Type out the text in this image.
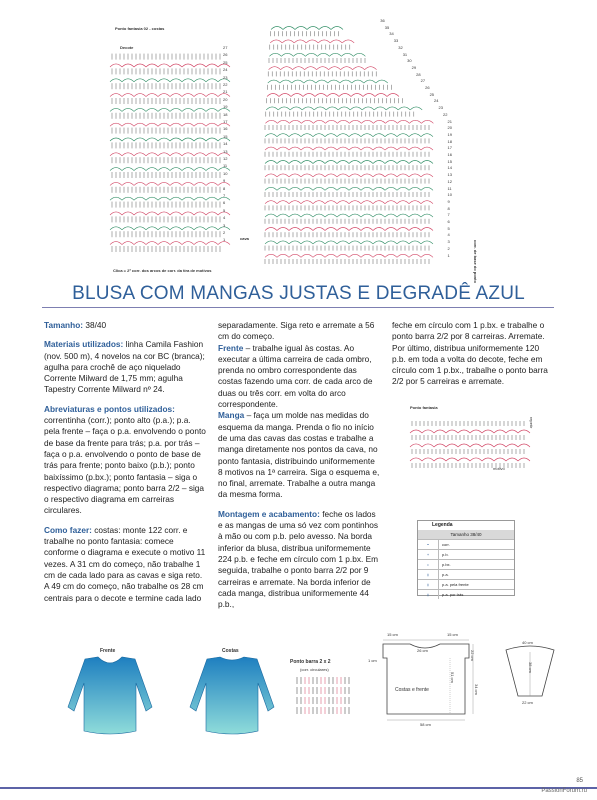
Ponto fantasia 02 - costas
Decote
cava
corr. de base do ponto
Clica = 2ª corr. dos arcos de corr. da tira de motivos
27
26
25
24
23
22
21
20
19
18
17
16
15
14
13
12
11
10
9
8
7
6
5
4
3
2
1
36
35
34
33
32
31
30
29
28
27
26
25
24
23
22
21
20
19
18
17
16
15
14
13
12
11
10
9
8
7
6
5
4
3
2
1
BLUSA COM MANGAS JUSTAS E DEGRADÊ AZUL

Tamanho: 38/40

Materiais utilizados: linha Camila Fashion (nov. 500 m), 4 novelos na cor BC (branca); agulha para crochê de aço niquelado Corrente Milward de 1,75 mm; agulha Tapestry Corrente Milward nº 24.

Abreviaturas e pontos utilizados: correntinha (corr.); ponto alto (p.a.); p.a. pela frente – faça o p.a. envolvendo o ponto de base da frente para trás; p.a. por trás – faça o p.a. envolvendo o ponto de base de trás para frente; ponto baixo (p.b.); ponto baixíssimo (p.bx.); ponto fantasia – siga o respectivo diagrama; ponto barra 2/2 – siga o respectivo diagrama em carreiras circulares.

Como fazer: costas: monte 122 corr. e trabalhe no ponto fantasia: comece conforme o diagrama e execute o motivo 11 vezes. A 31 cm do começo, não trabalhe 1 cm de cada lado para as cavas e siga reto. A 49 cm do começo, não trabalhe os 28 cm centrais para o decote e termine cada lado

separadamente. Siga reto e arremate a 56 cm do começo.

Frente – trabalhe igual às costas. Ao executar a última carreira de cada ombro, prenda no ombro correspondente das costas fazendo uma corr. de cada arco de duas ou três corr. em volta do arco correspondente.

Manga – faça um molde nas medidas do esquema da manga. Prenda o fio no início de uma das cavas das costas e trabalhe a manga diretamente nos pontos da cava, no ponto fantasia, distribuindo uniformemente 8 motivos na 1ª carreira. Siga o esquema e, no final, arremate. Trabalhe a outra manga da mesma forma.

Montagem e acabamento: feche os lados e as mangas de uma só vez com pontinhos à mão ou com p.b. pelo avesso. Na borda inferior da blusa, distribua uniformemente 224 p.b. e feche em círculo com 1 p.bx. Em seguida, trabalhe o ponto barra 2/2 por 9 carreiras e arremate. Na borda inferior de cada manga, distribua uniformemente 44 p.b.,

feche em círculo com 1 p.bx. e trabalhe o ponto barra 2/2 por 8 carreiras. Arremate. Por último, distribua uniformemente 120 p.b. em toda a volta do decote, feche em círculo com 1 p.bx., trabalhe o ponto barra 2/2 por 5 carreiras e arremate.

Ponto fantasia
repetir
motivo
Legenda
Tamanho 38/40
∘	corr.
+	p.b.
•	p.bx.
‡	p.a.
‡	p.a. pela frente
‡	p.a. por trás
Frente	Costas
Ponto barra 2 x 2
(corr. circulares)
15 cm	15 cm
26 cm
1 cm	22 cm
51 cm
34 cm
Costas e frente
58 cm
40 cm
38 cm
22 cm
85
PassionForum.ru
